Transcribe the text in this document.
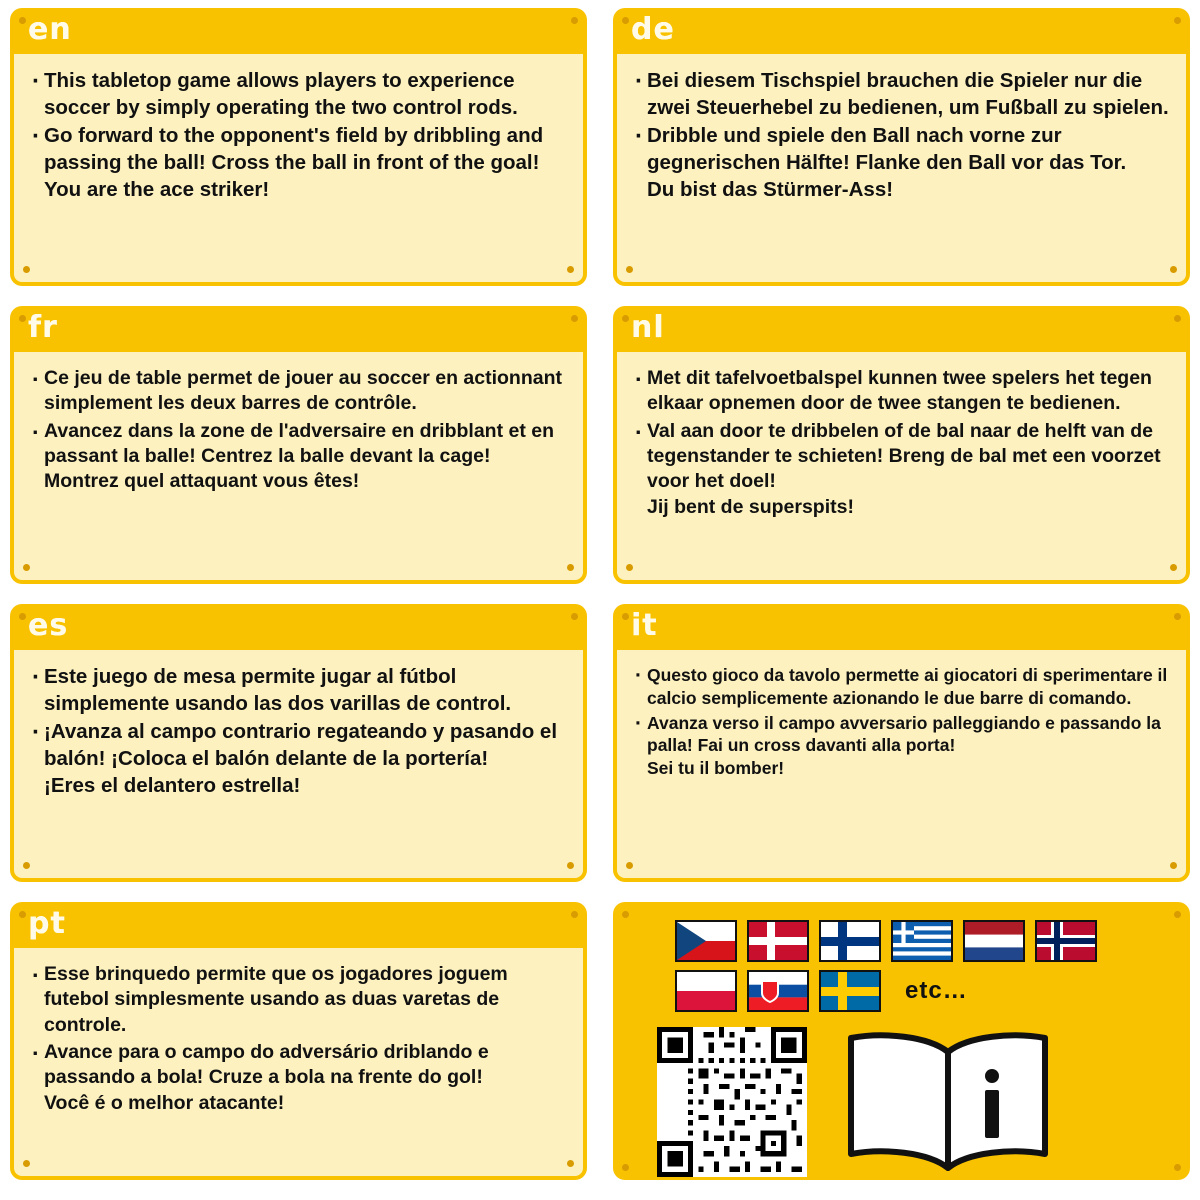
en
· This tabletop game allows players to experience soccer by simply operating the two control rods.
· Go forward to the opponent's field by dribbling and passing the ball! Cross the ball in front of the goal!
You are the ace striker!
de
· Bei diesem Tischspiel brauchen die Spieler nur die zwei Steuerhebel zu bedienen, um Fußball zu spielen.
· Dribble und spiele den Ball nach vorne zur gegnerischen Hälfte! Flanke den Ball vor das Tor.
Du bist das Stürmer-Ass!
fr
· Ce jeu de table permet de jouer au soccer en actionnant simplement les deux barres de contrôle.
· Avancez dans la zone de l'adversaire en dribblant et en passant la balle! Centrez la balle devant la cage!
Montrez quel attaquant vous êtes!
nl
· Met dit tafelvoetbalspel kunnen twee spelers het tegen elkaar opnemen door de twee stangen te bedienen.
· Val aan door te dribbelen of de bal naar de helft van de tegenstander te schieten! Breng de bal met een voorzet voor het doel!
Jij bent de superspits!
es
· Este juego de mesa permite jugar al fútbol simplemente usando las dos varillas de control.
· ¡Avanza al campo contrario regateando y pasando el balón! ¡Coloca el balón delante de la portería!
¡Eres el delantero estrella!
it
· Questo gioco da tavolo permette ai giocatori di sperimentare il calcio semplicemente azionando le due barre di comando.
· Avanza verso il campo avversario palleggiando e passando la palla! Fai un cross davanti alla porta!
Sei tu il bomber!
pt
· Esse brinquedo permite que os jogadores joguem futebol simplesmente usando as duas varetas de controle.
· Avance para o campo do adversário driblando e passando a bola! Cruze a bola na frente do gol!
Você é o melhor atacante!
etc…
